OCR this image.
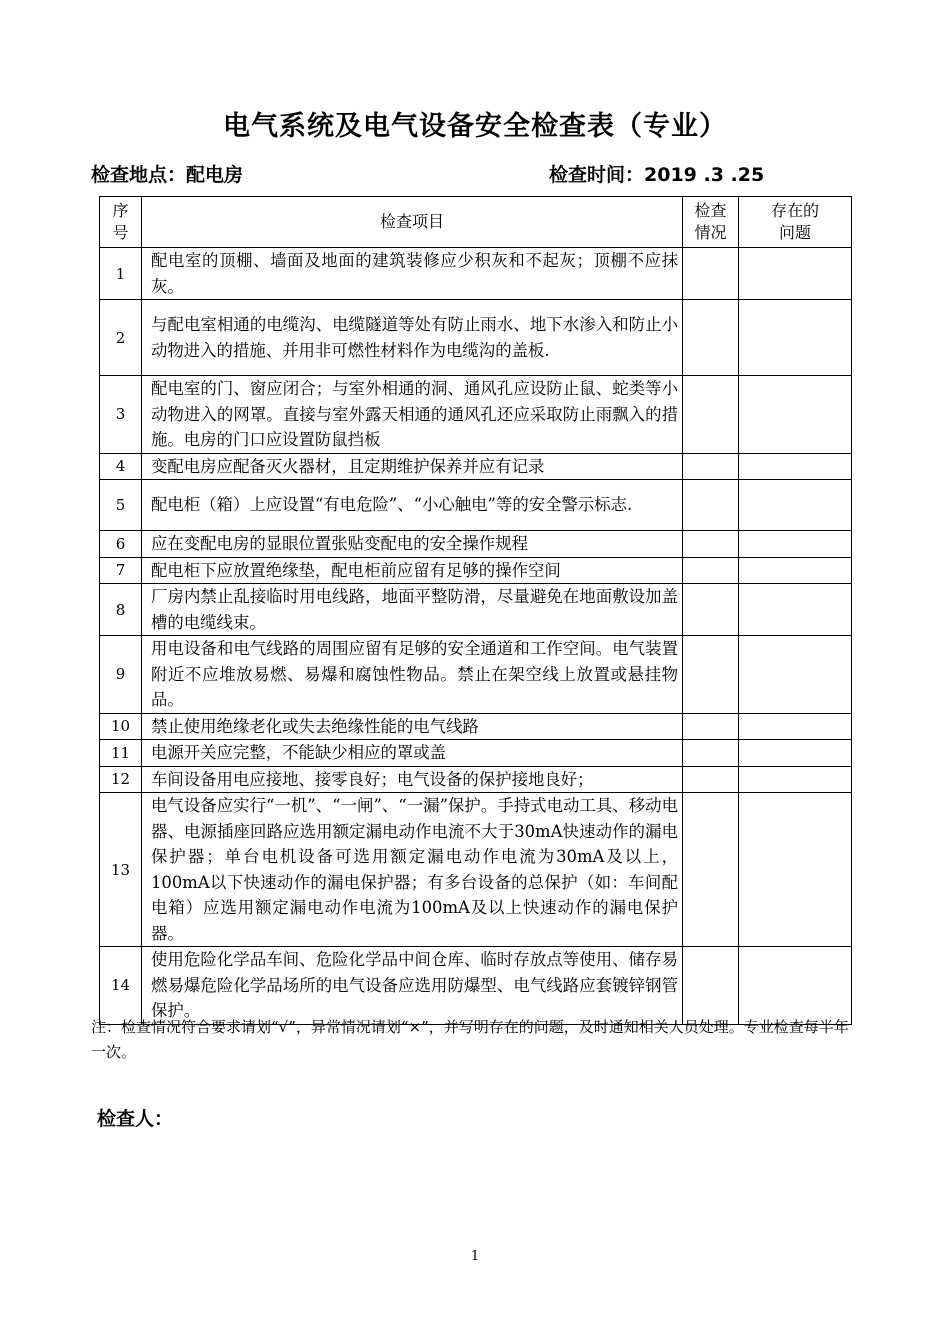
电气系统及电气设备安全检查表（专业）
检查地点：配电房	检查时间：2019 .3 .25
序号	检查项目	检查情况	存在的问题

1	配电室的顶棚、墙面及地面的建筑装修应少积灰和不起灰；顶棚不应抹灰。		
2	与配电室相通的电缆沟、电缆隧道等处有防止雨水、地下水渗入和防止小动物进入的措施、并用非可燃性材料作为电缆沟的盖板.		
3	配电室的门、窗应闭合；与室外相通的洞、通风孔应设防止鼠、蛇类等小动物进入的网罩。直接与室外露天相通的通风孔还应采取防止雨飘入的措施。电房的门口应设置防鼠挡板		
4	变配电房应配备灭火器材，且定期维护保养并应有记录		
5	配电柜（箱）上应设置“有电危险”、“小心触电”等的安全警示标志.		
6	应在变配电房的显眼位置张贴变配电的安全操作规程		
7	配电柜下应放置绝缘垫，配电柜前应留有足够的操作空间		
8	厂房内禁止乱接临时用电线路，地面平整防滑，尽量避免在地面敷设加盖槽的电缆线束。		
9	用电设备和电气线路的周围应留有足够的安全通道和工作空间。电气装置附近不应堆放易燃、易爆和腐蚀性物品。禁止在架空线上放置或悬挂物品。		
10	禁止使用绝缘老化或失去绝缘性能的电气线路		
11	电源开关应完整，不能缺少相应的罩或盖		
12	车间设备用电应接地、接零良好；电气设备的保护接地良好；		
13	电气设备应实行“一机”、“一闸”、“一漏”保护。手持式电动工具、移动电器、电源插座回路应选用额定漏电动作电流不大于30mA快速动作的漏电保护器；单台电机设备可选用额定漏电动作电流为30mA及以上，100mA以下快速动作的漏电保护器；有多台设备的总保护（如：车间配电箱）应选用额定漏电动作电流为100mA及以上快速动作的漏电保护器。		
14	使用危险化学品车间、危险化学品中间仓库、临时存放点等使用、储存易燃易爆危险化学品场所的电气设备应选用防爆型、电气线路应套镀锌钢管保护。		
注：检查情况符合要求请划“√”，异常情况请划“×”，并写明存在的问题，及时通知相关人员处理。专业检查每半年一次。
检查人：
1
